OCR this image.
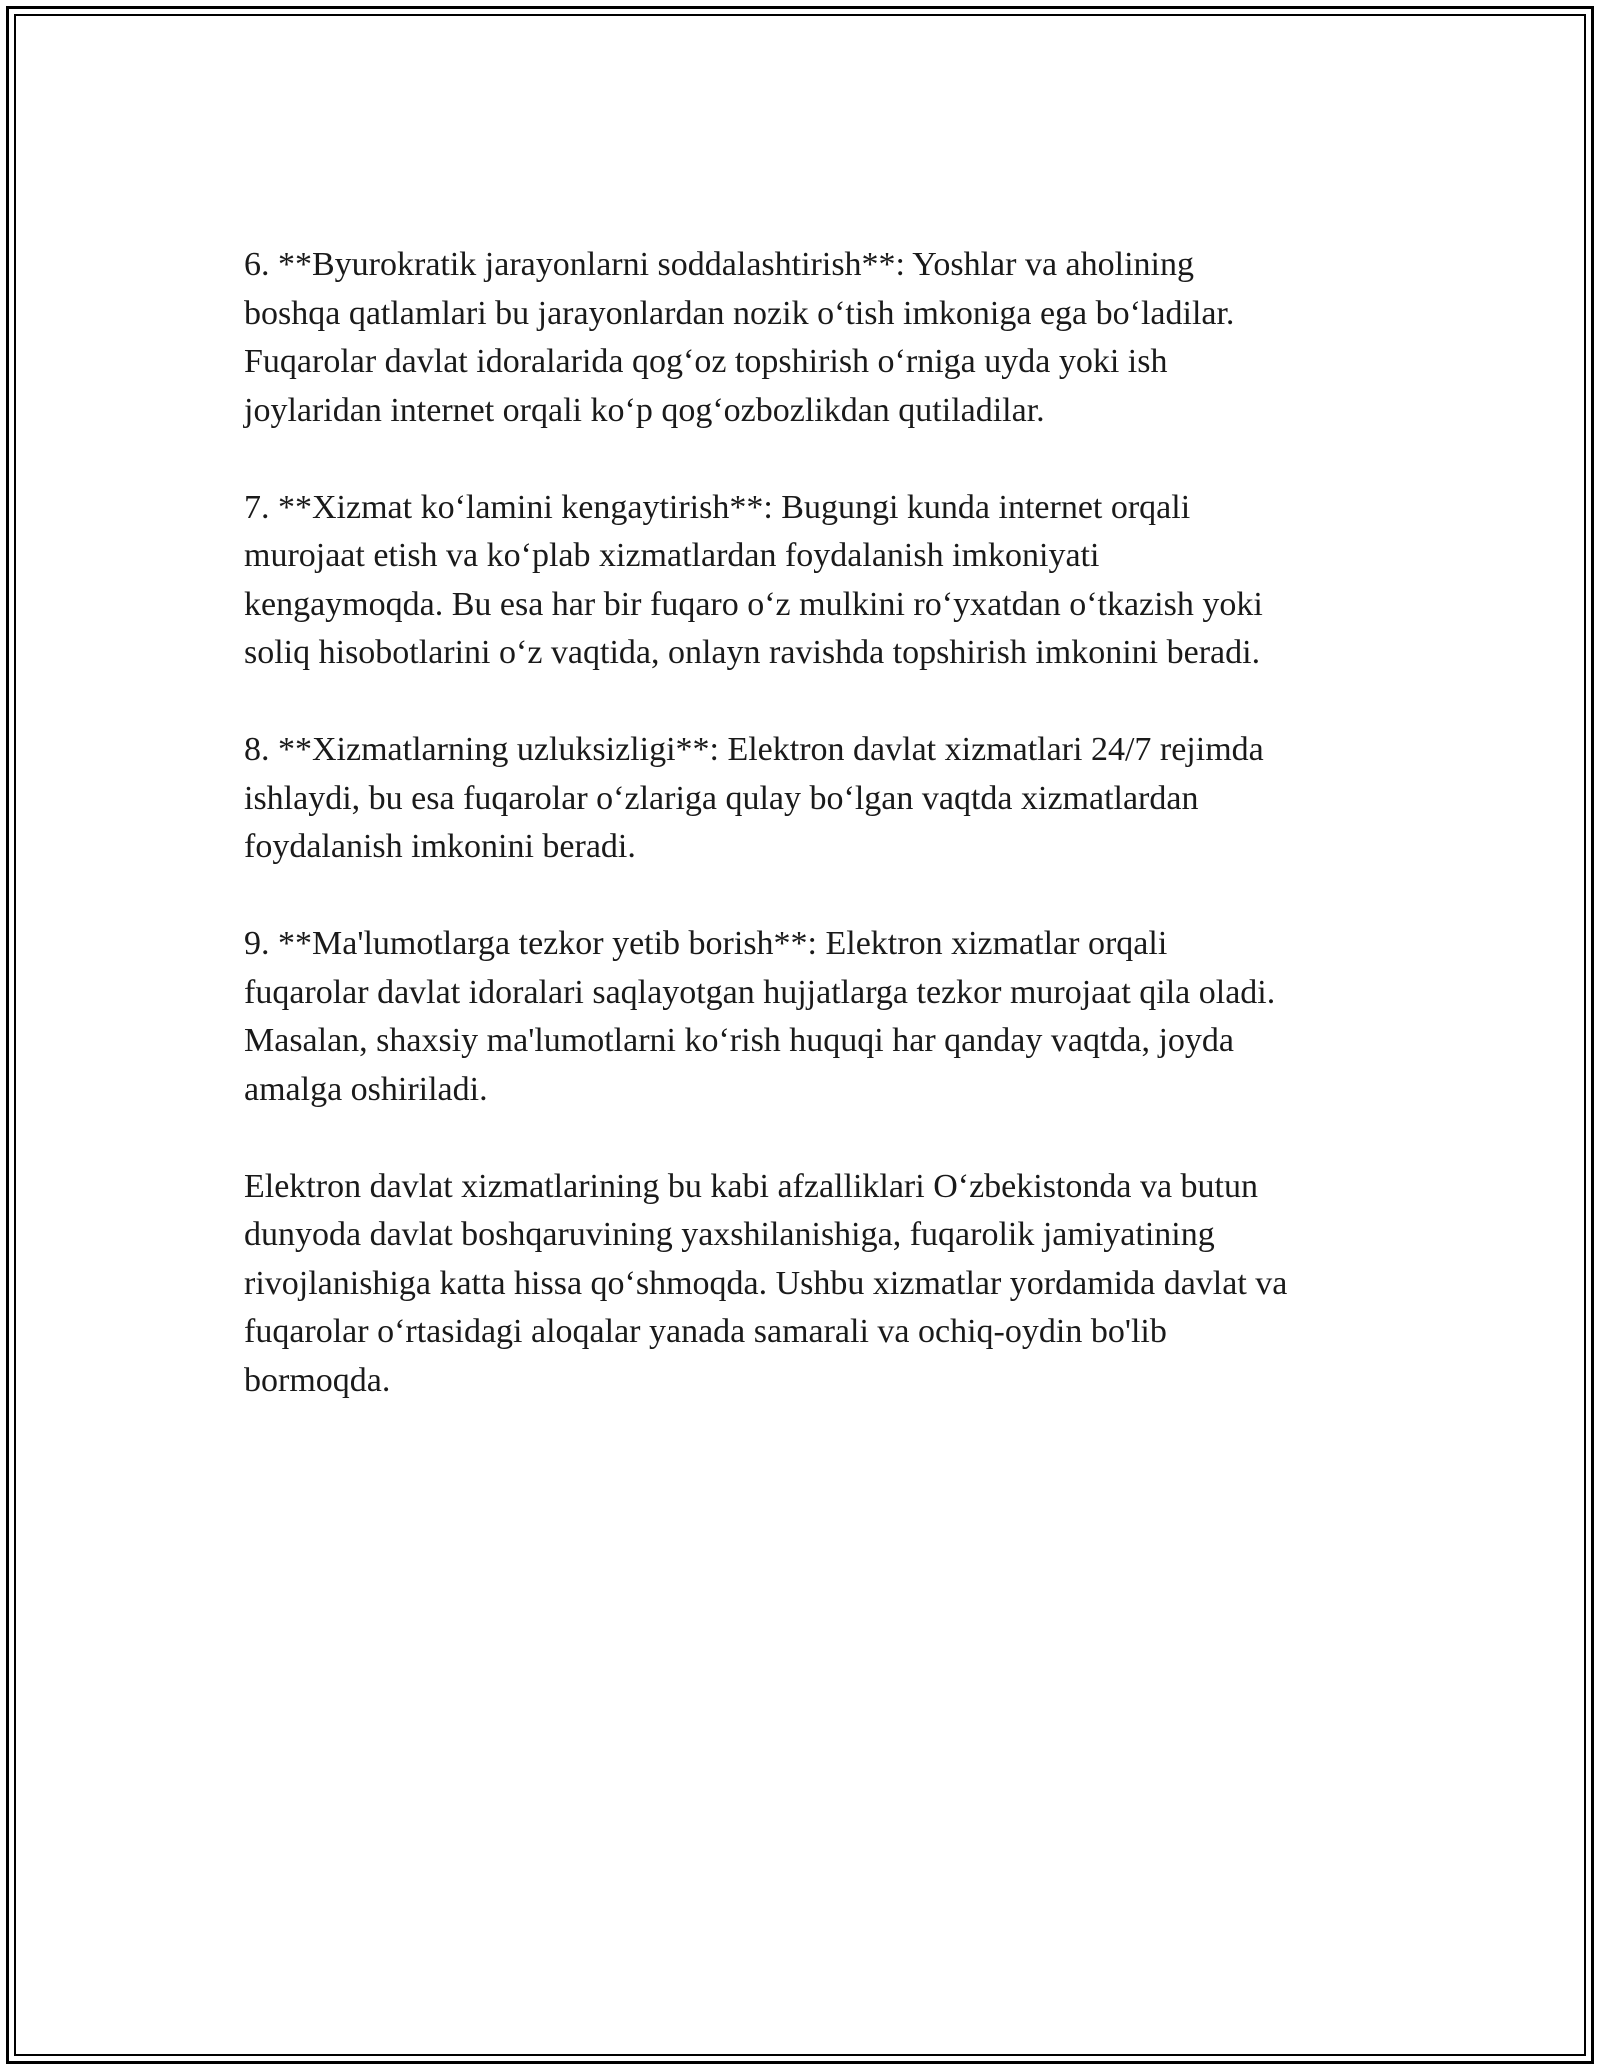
6. **Byurokratik jarayonlarni soddalashtirish**: Yoshlar va aholining
boshqa qatlamlari bu jarayonlardan nozik o‘tish imkoniga ega bo‘ladilar.
Fuqarolar davlat idoralarida qog‘oz topshirish o‘rniga uyda yoki ish
joylaridan internet orqali ko‘p qog‘ozbozlikdan qutiladilar.

7. **Xizmat ko‘lamini kengaytirish**: Bugungi kunda internet orqali
murojaat etish va ko‘plab xizmatlardan foydalanish imkoniyati
kengaymoqda. Bu esa har bir fuqaro o‘z mulkini ro‘yxatdan o‘tkazish yoki
soliq hisobotlarini o‘z vaqtida, onlayn ravishda topshirish imkonini beradi.

8. **Xizmatlarning uzluksizligi**: Elektron davlat xizmatlari 24/7 rejimda
ishlaydi, bu esa fuqarolar o‘zlariga qulay bo‘lgan vaqtda xizmatlardan
foydalanish imkonini beradi.

9. **Ma'lumotlarga tezkor yetib borish**: Elektron xizmatlar orqali
fuqarolar davlat idoralari saqlayotgan hujjatlarga tezkor murojaat qila oladi.
Masalan, shaxsiy ma'lumotlarni ko‘rish huquqi har qanday vaqtda, joyda
amalga oshiriladi.

Elektron davlat xizmatlarining bu kabi afzalliklari O‘zbekistonda va butun
dunyoda davlat boshqaruvining yaxshilanishiga, fuqarolik jamiyatining
rivojlanishiga katta hissa qo‘shmoqda. Ushbu xizmatlar yordamida davlat va
fuqarolar o‘rtasidagi aloqalar yanada samarali va ochiq-oydin bo'lib
bormoqda.
